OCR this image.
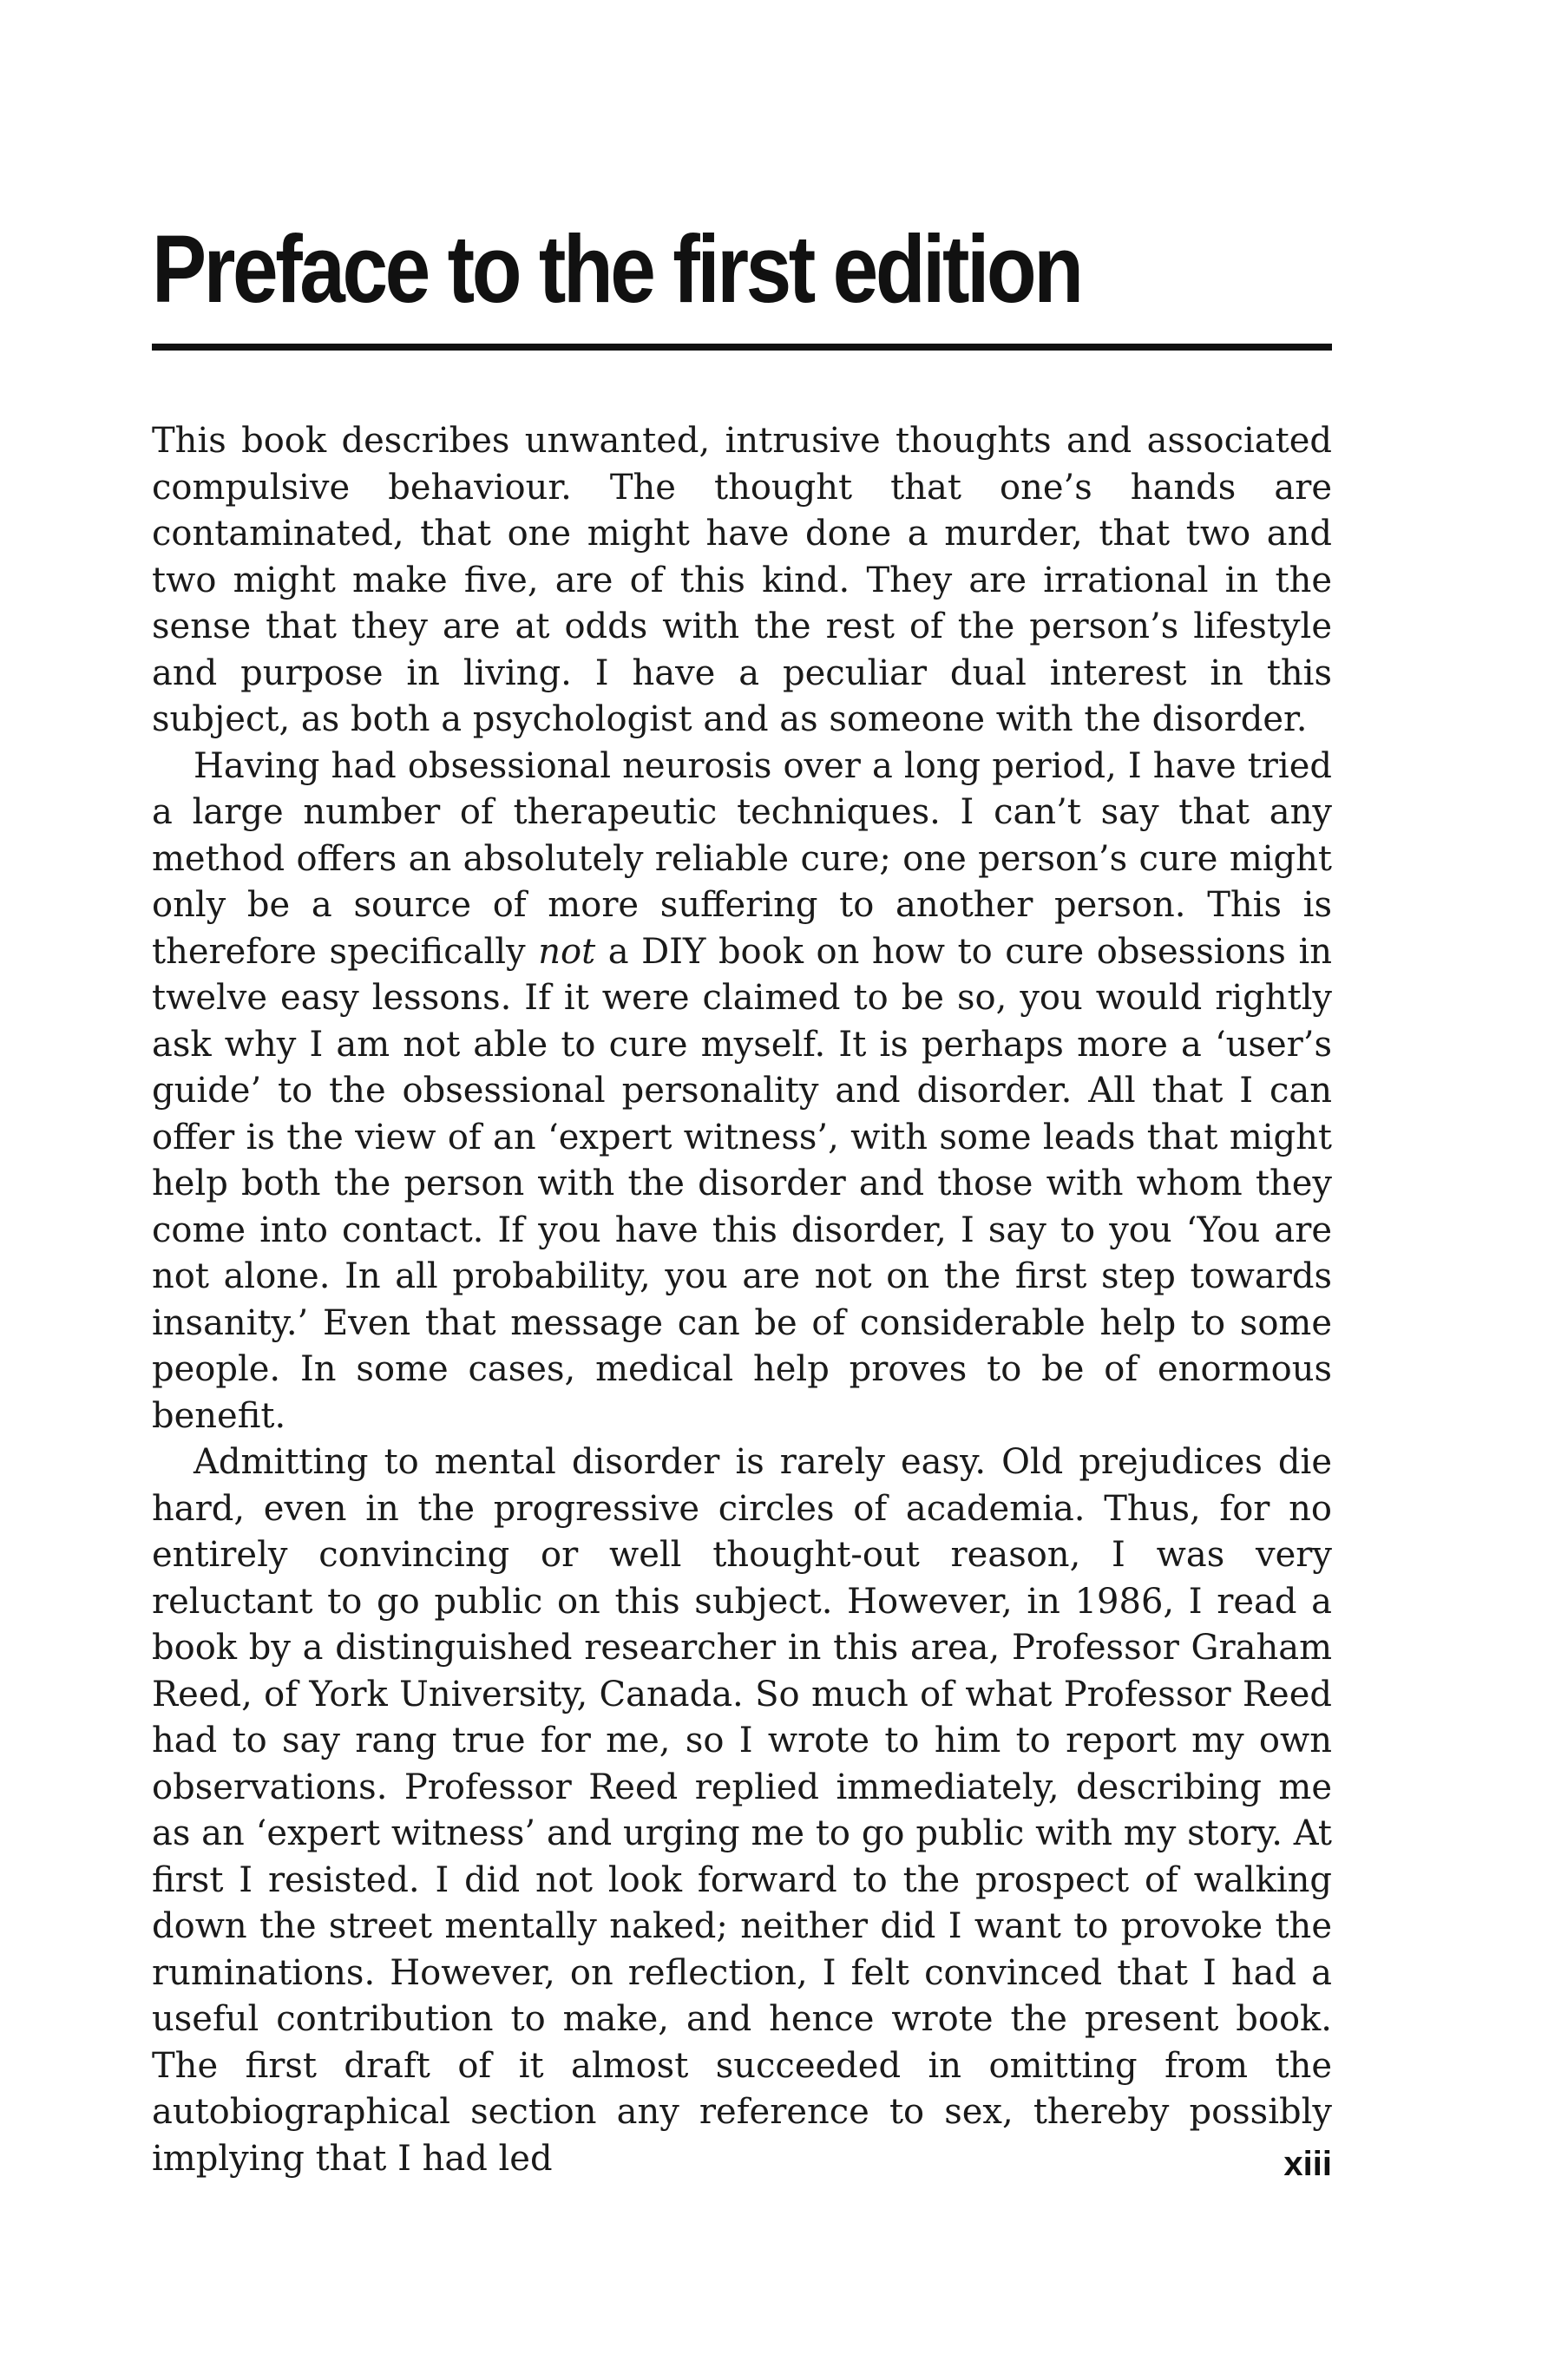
Preface to the first edition

This book describes unwanted, intrusive thoughts and associated compulsive behaviour. The thought that one’s hands are contaminated, that one might have done a murder, that two and two might make five, are of this kind. They are irrational in the sense that they are at odds with the rest of the person’s lifestyle and purpose in living. I have a peculiar dual interest in this subject, as both a psychologist and as someone with the disorder.

Having had obsessional neurosis over a long period, I have tried a large number of therapeutic techniques. I can’t say that any method offers an absolutely reliable cure; one person’s cure might only be a source of more suffering to another person. This is therefore specifically not a DIY book on how to cure obsessions in twelve easy lessons. If it were claimed to be so, you would rightly ask why I am not able to cure myself. It is perhaps more a ‘user’s guide’ to the obsessional personality and disorder. All that I can offer is the view of an ‘expert witness’, with some leads that might help both the person with the disorder and those with whom they come into contact. If you have this disorder, I say to you ‘You are not alone. In all probability, you are not on the first step towards insanity.’ Even that message can be of considerable help to some people. In some cases, medical help proves to be of enormous benefit.

Admitting to mental disorder is rarely easy. Old prejudices die hard, even in the progressive circles of academia. Thus, for no entirely convincing or well thought-out reason, I was very reluctant to go public on this subject. However, in 1986, I read a book by a distinguished researcher in this area, Professor Graham Reed, of York University, Canada. So much of what Professor Reed had to say rang true for me, so I wrote to him to report my own observations. Professor Reed replied immediately, describing me as an ‘expert witness’ and urging me to go public with my story. At first I resisted. I did not look forward to the prospect of walking down the street mentally naked; neither did I want to provoke the ruminations. However, on reflection, I felt convinced that I had a useful contribution to make, and hence wrote the present book. The first draft of it almost succeeded in omitting from the autobiographical section any reference to sex, thereby possibly implying that I had led	xiii
